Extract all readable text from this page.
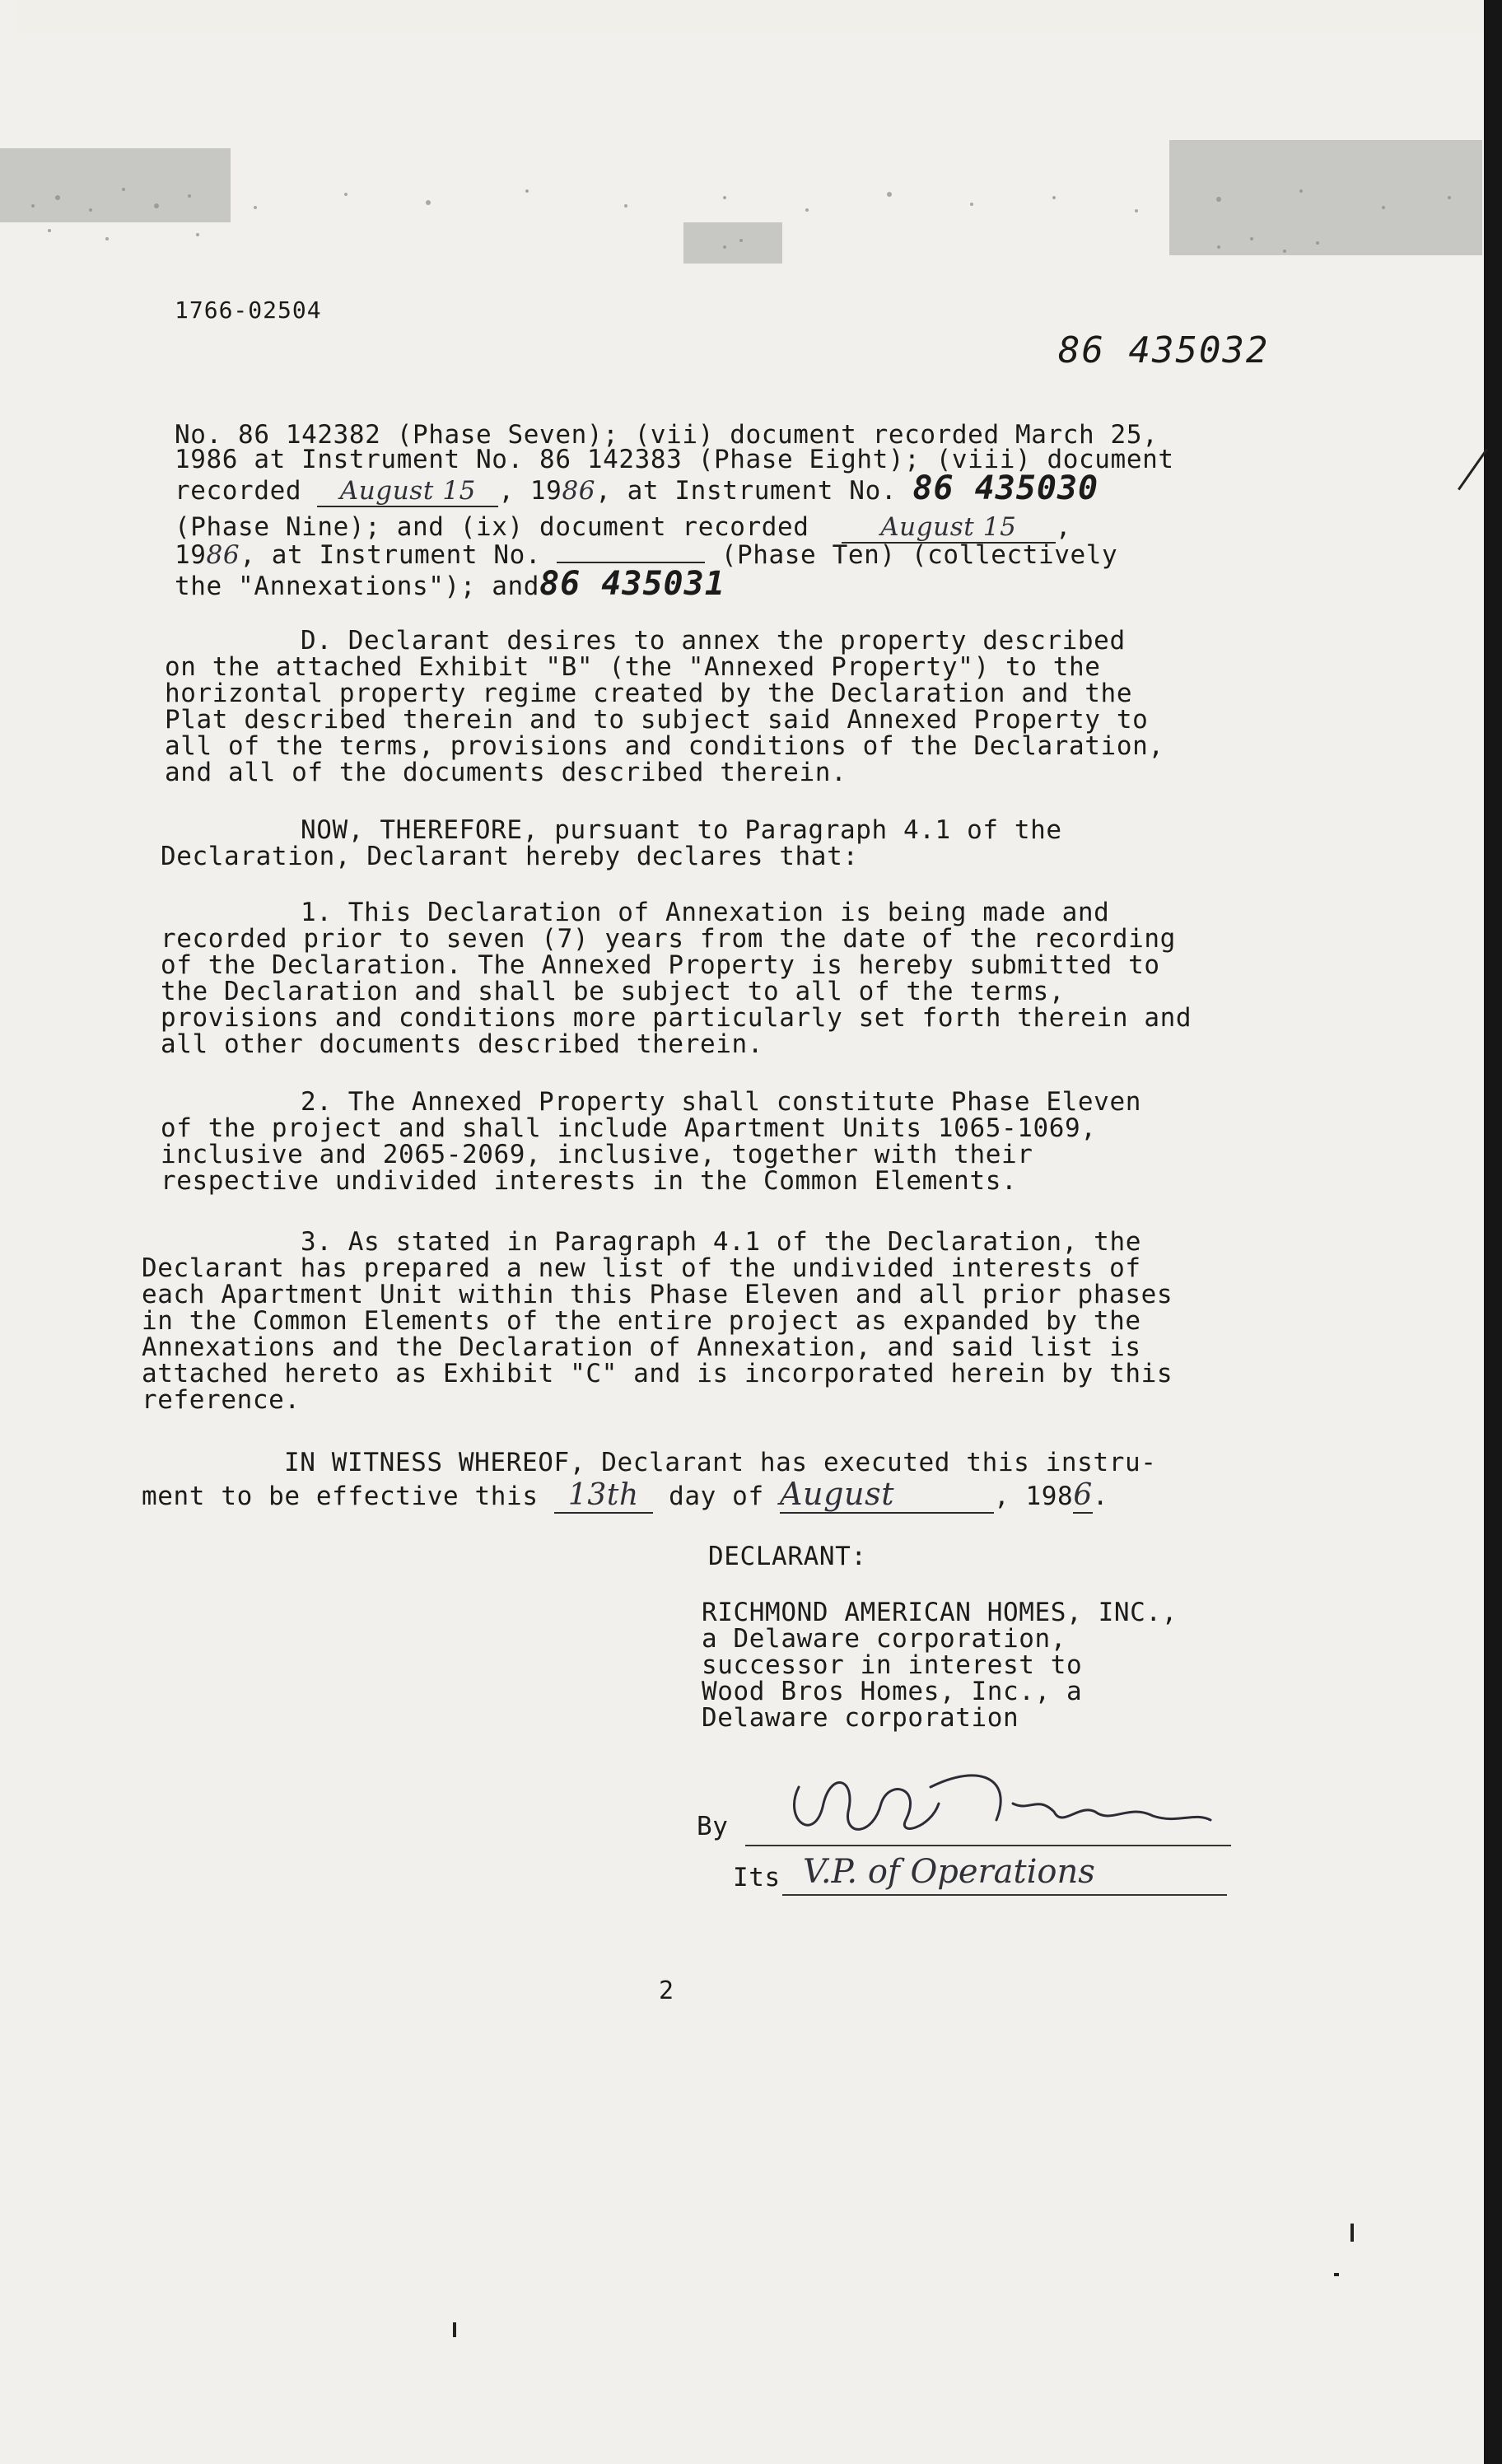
1766-02504
86 435032
No. 86 142382 (Phase Seven); (vii) document recorded March 25,
1986 at Instrument No. 86 142383 (Phase Eight); (viii) document
recorded August 15 , 1986, at Instrument No. 86 435030
(Phase Nine); and (ix) document recorded	August 15 ,
1986, at Instrument No.	(Phase Ten) (collectively
the "Annexations"); and86 435031
D. Declarant desires to annex the property described
on the attached Exhibit "B" (the "Annexed Property") to the
horizontal property regime created by the Declaration and the
Plat described therein and to subject said Annexed Property to
all of the terms, provisions and conditions of the Declaration,
and all of the documents described therein.
NOW, THEREFORE, pursuant to Paragraph 4.1 of the
Declaration, Declarant hereby declares that:
1. This Declaration of Annexation is being made and
recorded prior to seven (7) years from the date of the recording
of the Declaration. The Annexed Property is hereby submitted to
the Declaration and shall be subject to all of the terms,
provisions and conditions more particularly set forth therein and
all other documents described therein.
2. The Annexed Property shall constitute Phase Eleven
of the project and shall include Apartment Units 1065-1069,
inclusive and 2065-2069, inclusive, together with their
respective undivided interests in the Common Elements.
3. As stated in Paragraph 4.1 of the Declaration, the
Declarant has prepared a new list of the undivided interests of
each Apartment Unit within this Phase Eleven and all prior phases
in the Common Elements of the entire project as expanded by the
Annexations and the Declaration of Annexation, and said list is
attached hereto as Exhibit "C" and is incorporated herein by this
reference.
IN WITNESS WHEREOF, Declarant has executed this instru-
ment to be effective this 13th day of August	, 1986.
DECLARANT:
RICHMOND AMERICAN HOMES, INC.,
a Delaware corporation,
successor in interest to
Wood Bros Homes, Inc., a
Delaware corporation
By
Its V.P. of Operations
2
